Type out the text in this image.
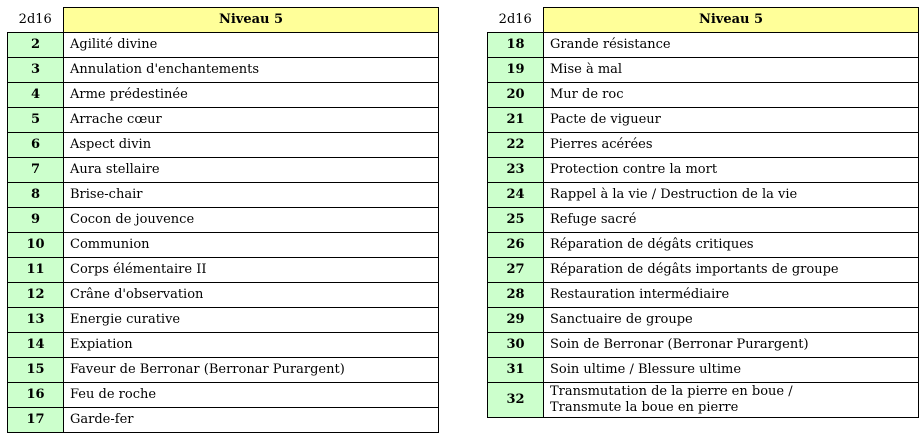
2d16	Niveau 5
2	Agilité divine
3	Annulation d'enchantements
4	Arme prédestinée
5	Arrache cœur
6	Aspect divin
7	Aura stellaire
8	Brise-chair
9	Cocon de jouvence
10	Communion
11	Corps élémentaire II
12	Crâne d'observation
13	Energie curative
14	Expiation
15	Faveur de Berronar (Berronar Purargent)
16	Feu de roche
17	Garde-fer
2d16	Niveau 5
18	Grande résistance
19	Mise à mal
20	Mur de roc
21	Pacte de vigueur
22	Pierres acérées
23	Protection contre la mort
24	Rappel à la vie / Destruction de la vie
25	Refuge sacré
26	Réparation de dégâts critiques
27	Réparation de dégâts importants de groupe
28	Restauration intermédiaire
29	Sanctuaire de groupe
30	Soin de Berronar (Berronar Purargent)
31	Soin ultime / Blessure ultime
32	Transmutation de la pierre en boue /
Transmute la boue en pierre
